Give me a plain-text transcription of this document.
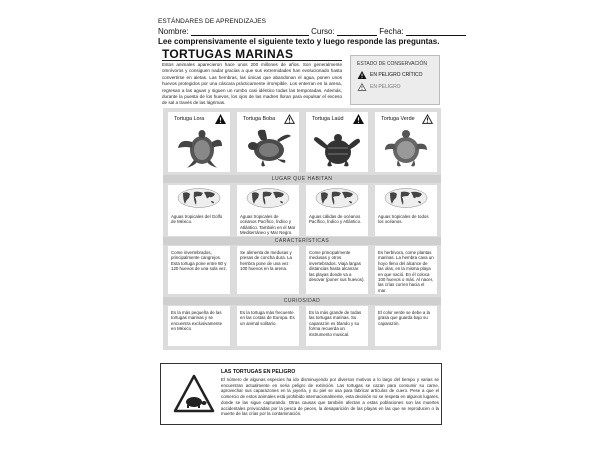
ESTÁNDARES DE APRENDIZAJES
Nombre:	Curso:	Fecha:
Lee comprensivamente el siguiente texto y luego responde las preguntas.
TORTUGAS MARINAS
Estos animales aparecieron hace unos 200 millones de años. Son generalmente omnívoros y consiguen nadar gracias a que sus extremidades han evolucionado hasta convertirse en aletas. Las hembras, las únicas que abandonan el agua, ponen unos huevos protegidos por una cáscara prácticamente irrompible. Los enterran en la arena, regresan a las aguas y siguen un rumbo casi idéntico todas las temporadas. Además, durante la puesta de los huevos, los ojos de las madres lloran para expulsar el exceso de sal a través de las lágrimas.
ESTADO DE CONSERVACIÓN
EN PELIGRO CRÍTICO
EN PELIGRO
Tortuga Lora	Tortuga Boba	Tortuga Laúd	Tortuga Verde
LUGAR QUE HABITAN
Aguas tropicales del Golfo de México.
Aguas tropicales de océanos Pacífico, Índico y Atlántico. También en el Mar Mediterráneo y Mar Negro.
Aguas cálidas de océanos Pacífico, Índico y Atlántico.
Aguas tropicales de todos los océanos.
CARACTERÍSTICAS
Come invertebrados, principalmente cangrejos. Esta tortuga pone entre 80 y 120 huevos de una sola vez.
Se alimenta de medusas y presas de concha dura. La hembra pone de una vez 100 huevos en la arena.
Come principalmente medusas y otros invertebrados. Viaja largas distancias hasta alcanzar las playas donde va a desovar (poner sus huevos).
Es herbívora, come plantas marinas. La hembra cava un hoyo lleno del alcance de las olas, en la misma playa en que nació. En él coloca 100 huevos o más. Al nacer, las crías corren hacia el mar.
CURIOSIDAD
Es la más pequeña de las tortugas marinas y se encuentra exclusivamente en México
Es la tortuga más frecuente en las costas de Europa. Es un animal solitario.
Es la más grande de todas las tortugas marinas. Su caparazón es blando y su forma recuerda un instrumento musical.
El color verde se debe a la grasa que guarda bajo su caparazón.
LAS TORTUGAS EN PELIGRO
El número de algunas especies ha ido disminuyendo por diversos motivos a lo largo del tiempo y varias se encuentran actualmente en seria peligro de extinción. Las tortugas se cazan para consumir su carne, aprovechar sus caparazones en la joyería, y su piel se usa para fabricar artículos de cuero. Pese a que el comercio de estos animales está prohibido internacionalmente, esta decisión no se respeta en algunos lugares, donde se las sigue capturando. Otras causas que también afectan a estas poblaciones son las muertes accidentales provocadas por la pesca de peces, la desaparición de las playas en las que se reproducen o la muerte de las crías por la contaminación.
